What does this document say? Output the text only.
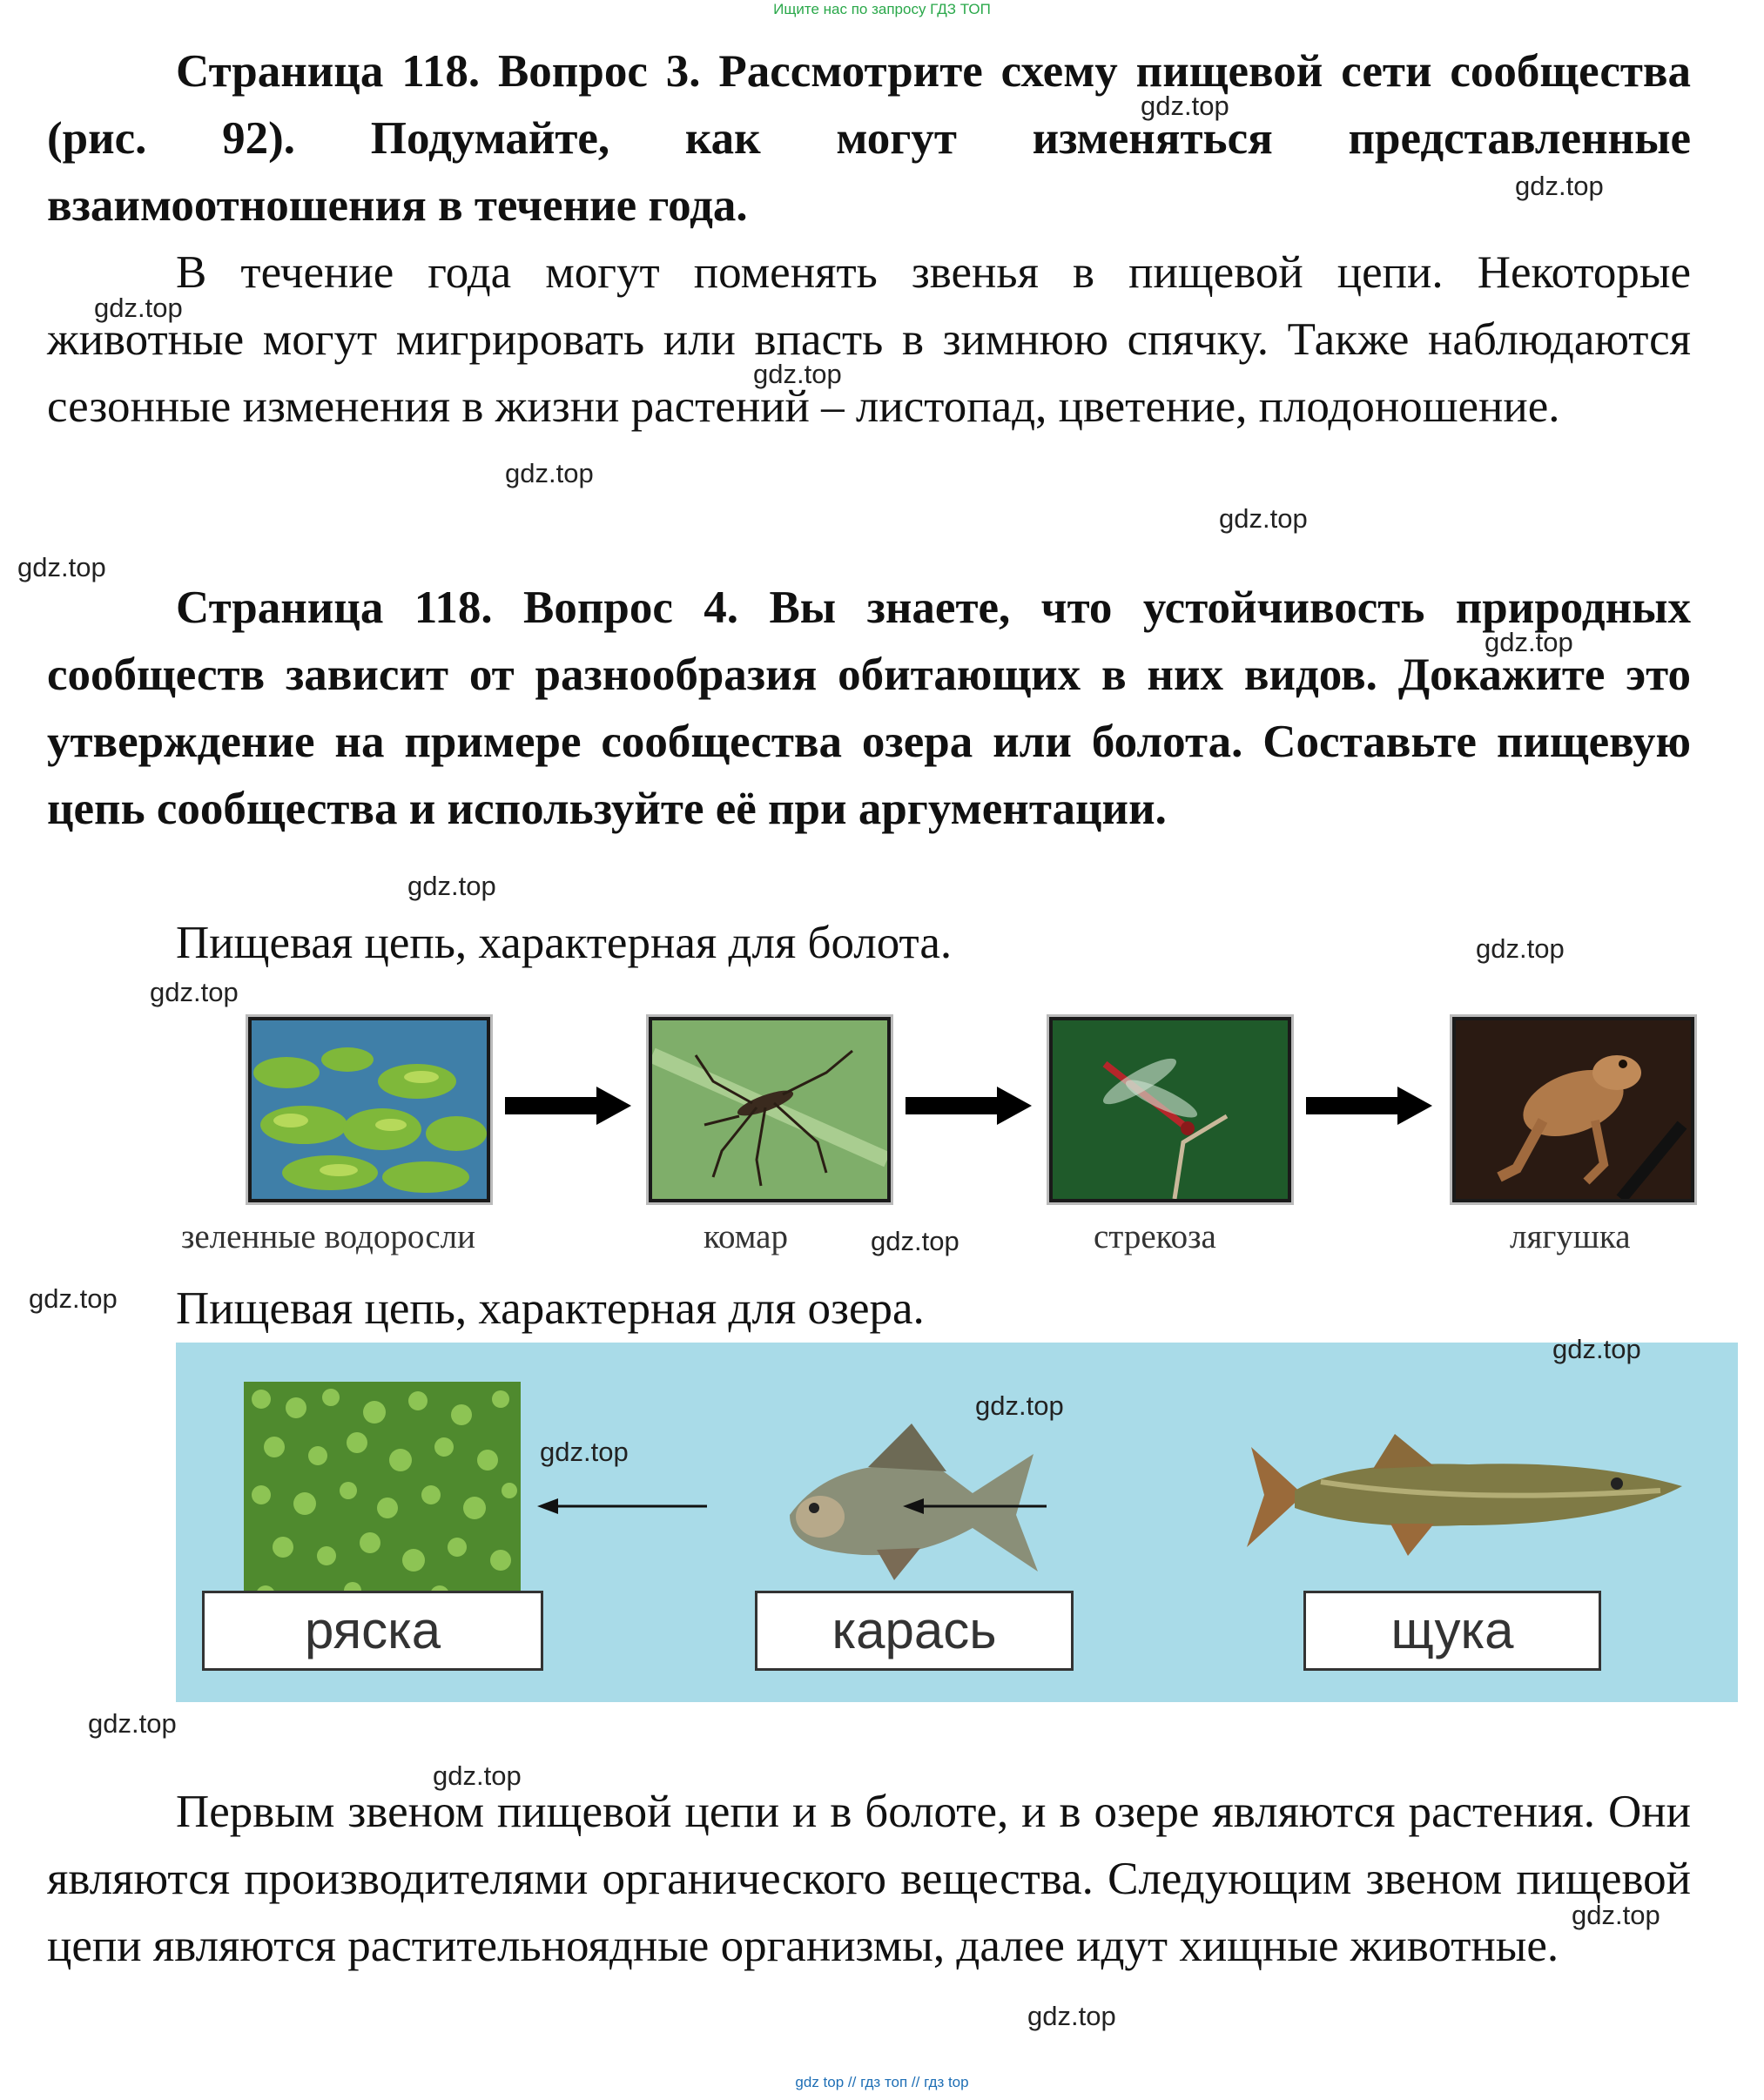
Ищите нас по запросу ГДЗ ТОП

Страница 118. Вопрос 3. Рассмотрите схему пищевой сети сообщества (рис. 92). Подумайте, как могут изменяться представленные взаимоотношения в течение года.

В течение года могут поменять звенья в пищевой цепи. Некоторые животные могут мигрировать или впасть в зимнюю спячку. Также наблюдаются сезонные изменения в жизни растений – листопад, цветение, плодоношение.

Страница 118. Вопрос 4. Вы знаете, что устойчивость природных сообществ зависит от разнообразия обитающих в них видов. Докажите это утверждение на примере сообщества озера или болота. Составьте пищевую цепь сообщества и используйте её при аргументации.

Пищевая цепь, характерная для болота.

зеленные водоросли	комар	стрекоза	лягушка

Пищевая цепь, характерная для озера.

ряска	карась	щука

Первым звеном пищевой цепи и в болоте, и в озере являются растения. Они являются производителями органического вещества. Следующим звеном пищевой цепи являются растительноядные организмы, далее идут хищные животные.

gdz.top
gdz.top
gdz.top
gdz.top
gdz.top
gdz.top
gdz.top
gdz.top
gdz.top
gdz.top
gdz.top
gdz.top
gdz.top
gdz.top
gdz.top
gdz.top
gdz.top
gdz.top
gdz.top
gdz.top
gdz top // гдз топ // гдз top
